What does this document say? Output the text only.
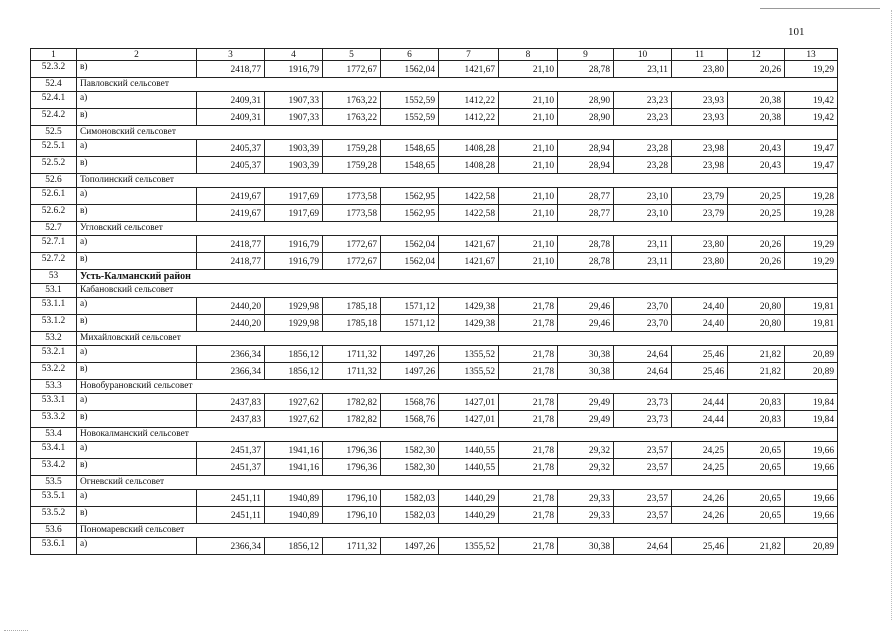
101
1	2	3	4	5	6	7	8	9	10	11	12	13
52.3.2	в)	2418,77	1916,79	1772,67	1562,04	1421,67	21,10	28,78	23,11	23,80	20,26	19,29
52.4	Павловский сельсовет											
52.4.1	а)	2409,31	1907,33	1763,22	1552,59	1412,22	21,10	28,90	23,23	23,93	20,38	19,42
52.4.2	в)	2409,31	1907,33	1763,22	1552,59	1412,22	21,10	28,90	23,23	23,93	20,38	19,42
52.5	Симоновский сельсовет											
52.5.1	а)	2405,37	1903,39	1759,28	1548,65	1408,28	21,10	28,94	23,28	23,98	20,43	19,47
52.5.2	в)	2405,37	1903,39	1759,28	1548,65	1408,28	21,10	28,94	23,28	23,98	20,43	19,47
52.6	Тополинский сельсовет											
52.6.1	а)	2419,67	1917,69	1773,58	1562,95	1422,58	21,10	28,77	23,10	23,79	20,25	19,28
52.6.2	в)	2419,67	1917,69	1773,58	1562,95	1422,58	21,10	28,77	23,10	23,79	20,25	19,28
52.7	Угловский сельсовет											
52.7.1	а)	2418,77	1916,79	1772,67	1562,04	1421,67	21,10	28,78	23,11	23,80	20,26	19,29
52.7.2	в)	2418,77	1916,79	1772,67	1562,04	1421,67	21,10	28,78	23,11	23,80	20,26	19,29
53	Усть-Калманский район											
53.1	Кабановский сельсовет											
53.1.1	а)	2440,20	1929,98	1785,18	1571,12	1429,38	21,78	29,46	23,70	24,40	20,80	19,81
53.1.2	в)	2440,20	1929,98	1785,18	1571,12	1429,38	21,78	29,46	23,70	24,40	20,80	19,81
53.2	Михайловский сельсовет											
53.2.1	а)	2366,34	1856,12	1711,32	1497,26	1355,52	21,78	30,38	24,64	25,46	21,82	20,89
53.2.2	в)	2366,34	1856,12	1711,32	1497,26	1355,52	21,78	30,38	24,64	25,46	21,82	20,89
53.3	Новобурановский сельсовет											
53.3.1	а)	2437,83	1927,62	1782,82	1568,76	1427,01	21,78	29,49	23,73	24,44	20,83	19,84
53.3.2	в)	2437,83	1927,62	1782,82	1568,76	1427,01	21,78	29,49	23,73	24,44	20,83	19,84
53.4	Новокалманский сельсовет											
53.4.1	а)	2451,37	1941,16	1796,36	1582,30	1440,55	21,78	29,32	23,57	24,25	20,65	19,66
53.4.2	в)	2451,37	1941,16	1796,36	1582,30	1440,55	21,78	29,32	23,57	24,25	20,65	19,66
53.5	Огневский сельсовет											
53.5.1	а)	2451,11	1940,89	1796,10	1582,03	1440,29	21,78	29,33	23,57	24,26	20,65	19,66
53.5.2	в)	2451,11	1940,89	1796,10	1582,03	1440,29	21,78	29,33	23,57	24,26	20,65	19,66
53.6	Пономаревский сельсовет											
53.6.1	а)	2366,34	1856,12	1711,32	1497,26	1355,52	21,78	30,38	24,64	25,46	21,82	20,89
